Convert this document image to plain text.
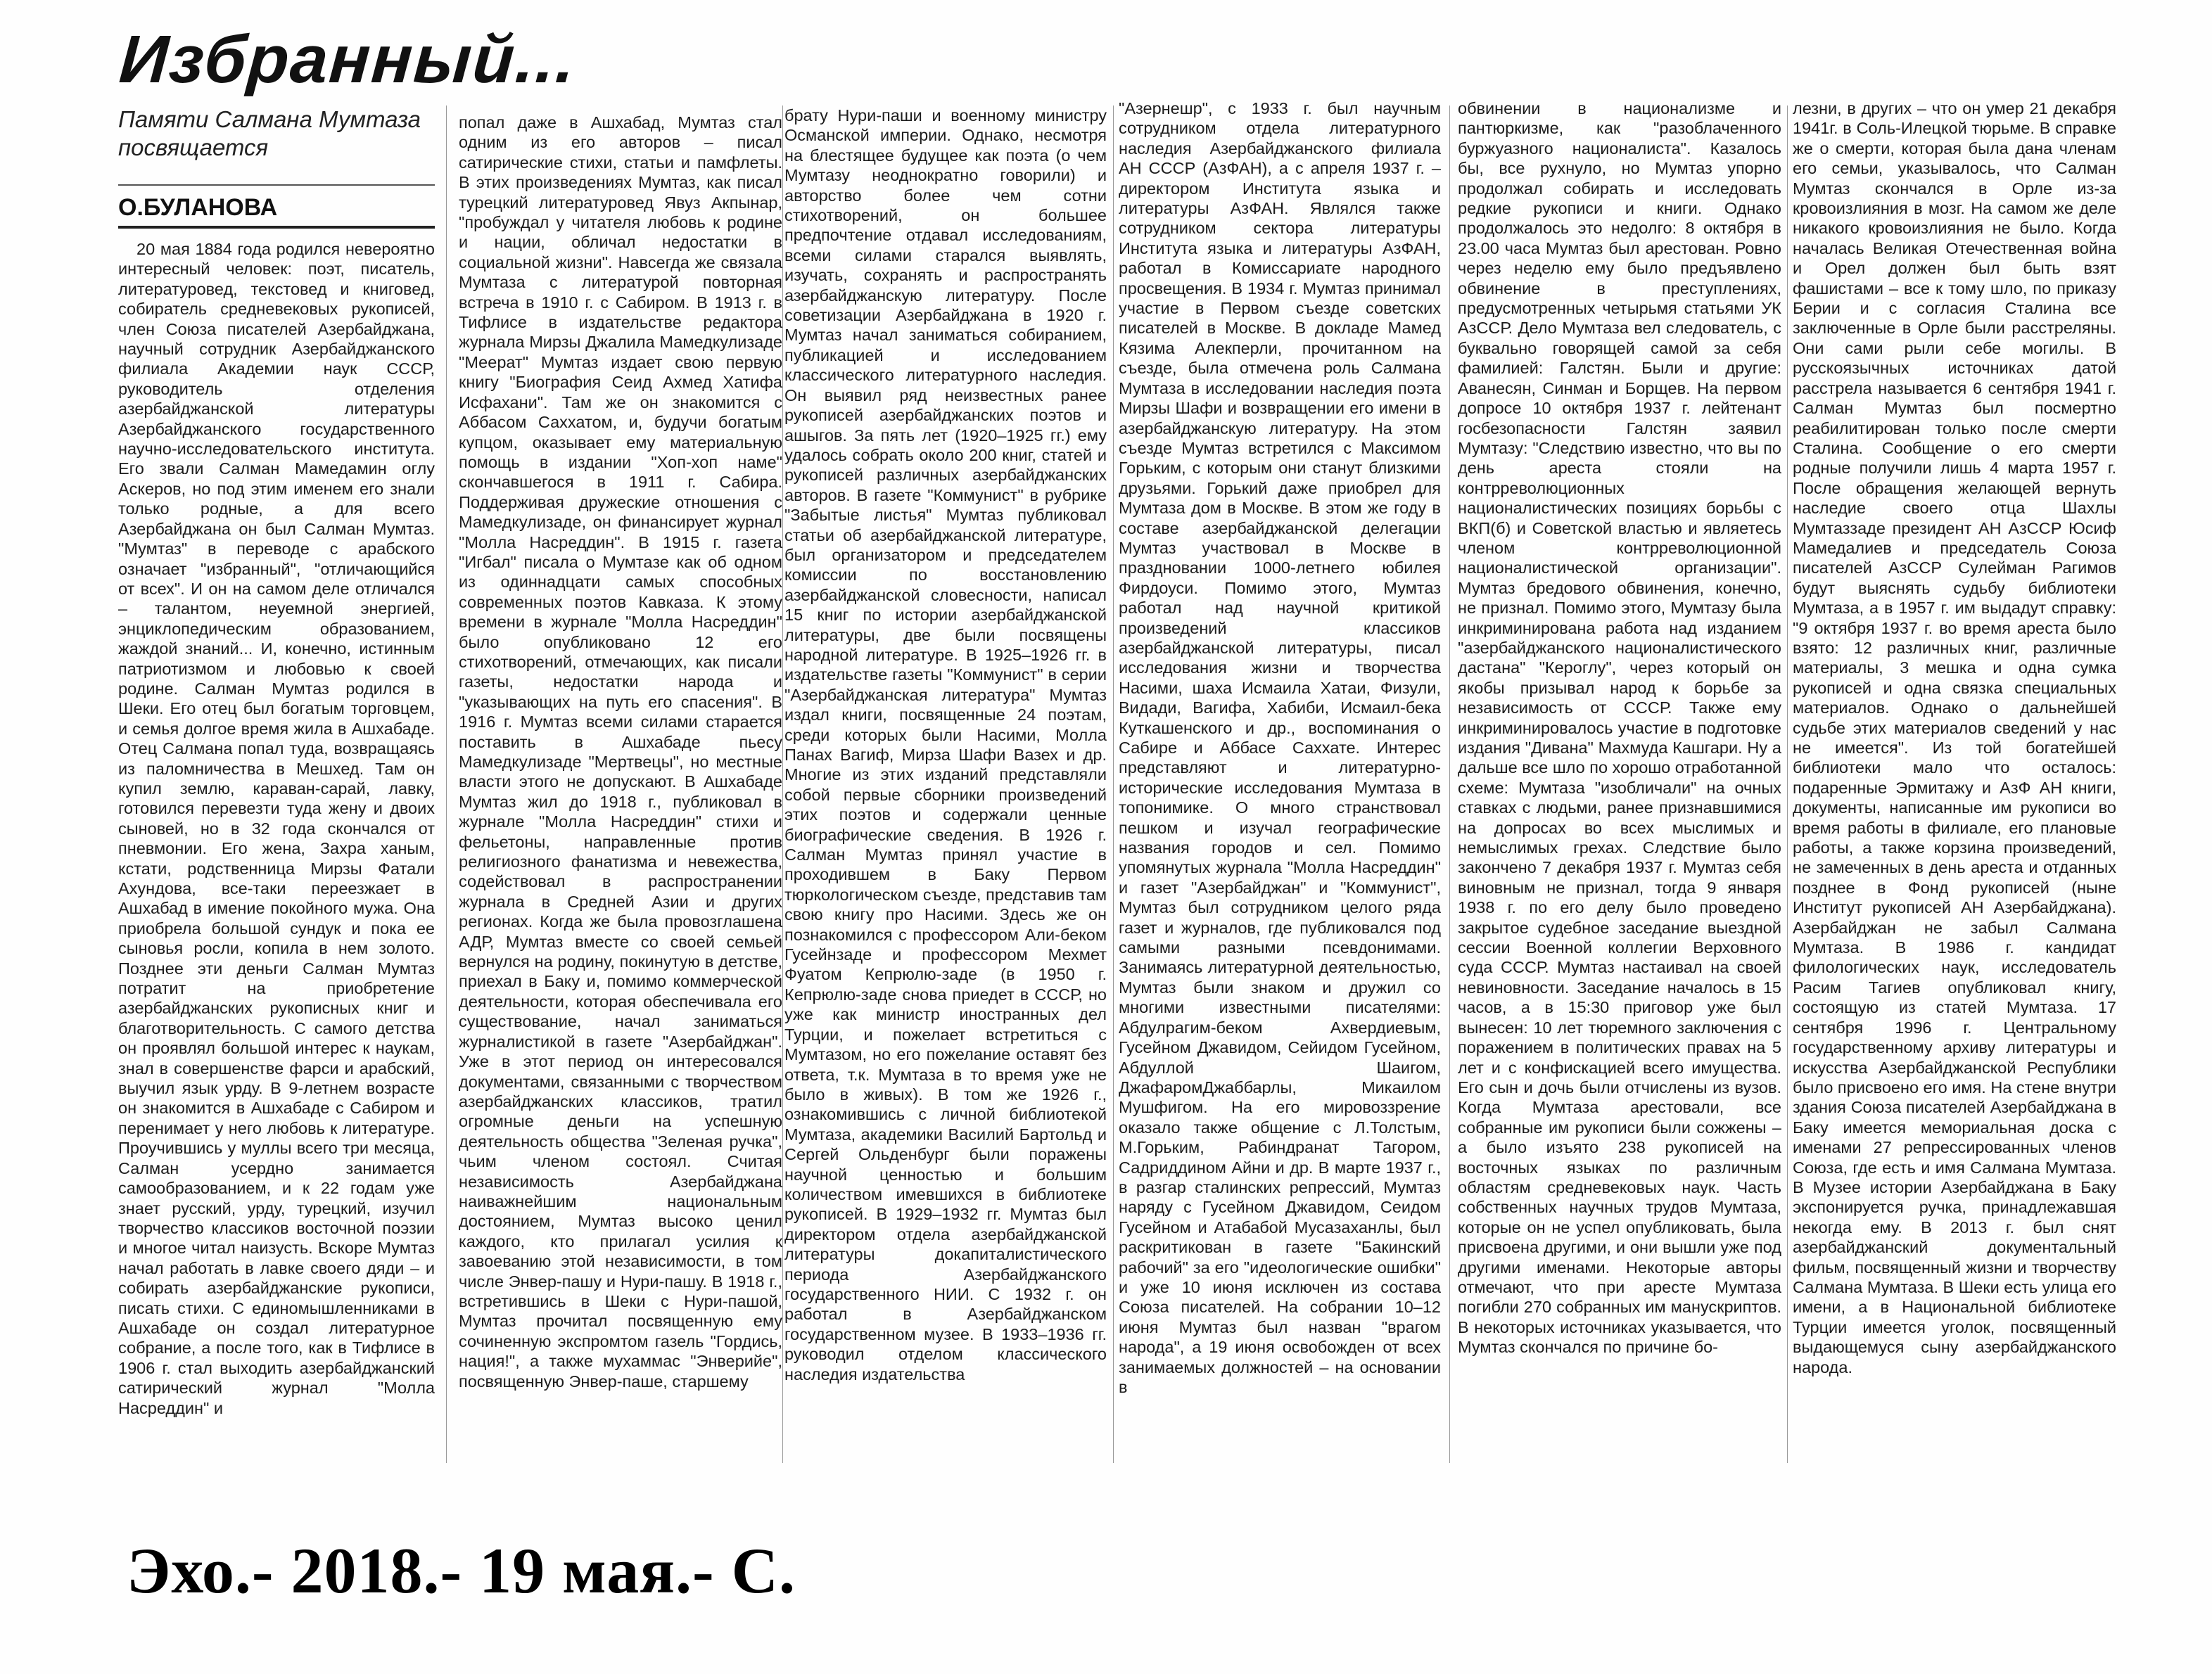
Избранный...
Памяти Салмана Мумтаза посвящается
О.БУЛАНОВА

20 мая 1884 года родился невероятно интересный человек: поэт, писатель, литературовед, текстовед и книговед, собиратель средневековых рукописей, член Союза писателей Азербайджана, научный сотрудник Азербайджанского филиала Академии наук СССР, руководитель отделения азербайджанской литературы Азербайджанского государственного научно-исследовательского института. Его звали Салман Мамедамин оглу Аскеров, но под этим именем его знали только родные, а для всего Азербайджана он был Салман Мумтаз. "Мумтаз" в переводе с арабского означает "избранный", "отличающийся от всех". И он на самом деле отличался – талантом, неуемной энергией, энциклопедическим образованием, жаждой знаний... И, конечно, истинным патриотизмом и любовью к своей родине. Салман Мумтаз родился в Шеки. Его отец был богатым торговцем, и семья долгое время жила в Ашхабаде. Отец Салмана попал туда, возвращаясь из паломничества в Мешхед. Там он купил землю, караван-сарай, лавку, готовился перевезти туда жену и двоих сыновей, но в 32 года скончался от пневмонии. Его жена, Захра ханым, кстати, родственница Мирзы Фатали Ахундова, все-таки переезжает в Ашхабад в имение покойного мужа. Она приобрела большой сундук и пока ее сыновья росли, копила в нем золото. Позднее эти деньги Салман Мумтаз потратит на приобретение азербайджанских рукописных книг и благотворительность. С самого детства он проявлял большой интерес к наукам, знал в совершенстве фарси и арабский, выучил язык урду. В 9-летнем возрасте он знакомится в Ашхабаде с Сабиром и перенимает у него любовь к литературе. Проучившись у муллы всего три месяца, Салман усердно занимается самообразованием, и к 22 годам уже знает русский, урду, турецкий, изучил творчество классиков восточной поэзии и многое читал наизусть. Вскоре Мумтаз начал работать в лавке своего дяди – и собирать азербайджанские рукописи, писать стихи. С единомышленниками в Ашхабаде он создал литературное собрание, а после того, как в Тифлисе в 1906 г. стал выходить азербайджанский сатирический журнал "Молла Насреддин" и

попал даже в Ашхабад, Мумтаз стал одним из его авторов – писал сатирические стихи, статьи и памфлеты. В этих произведениях Мумтаз, как писал турецкий литературовед Явуз Акпынар, "пробуждал у читателя любовь к родине и нации, обличал недостатки в социальной жизни". Навсегда же связала Мумтаза с литературой повторная встреча в 1910 г. с Сабиром. В 1913 г. в Тифлисе в издательстве редактора журнала Мирзы Джалила Мамедкулизаде "Меерат" Мумтаз издает свою первую книгу "Биография Сеид Ахмед Хатифа Исфахани". Там же он знакомится с Аббасом Саххатом, и, будучи богатым купцом, оказывает ему материальную помощь в издании "Хоп-хоп наме" скончавшегося в 1911 г. Сабира. Поддерживая дружеские отношения с Мамедкулизаде, он финансирует журнал "Молла Насреддин". В 1915 г. газета "Игбал" писала о Мумтазе как об одном из одиннадцати самых способных современных поэтов Кавказа. К этому времени в журнале "Молла Насреддин" было опубликовано 12 его стихотворений, отмечающих, как писали газеты, недостатки народа и "указывающих на путь его спасения". В 1916 г. Мумтаз всеми силами старается поставить в Ашхабаде пьесу Мамедкулизаде "Мертвецы", но местные власти этого не допускают. В Ашхабаде Мумтаз жил до 1918 г., публиковал в журнале "Молла Насреддин" стихи и фельетоны, направленные против религиозного фанатизма и невежества, содействовал в распространении журнала в Средней Азии и других регионах. Когда же была провозглашена АДР, Мумтаз вместе со своей семьей вернулся на родину, покинутую в детстве, приехал в Баку и, помимо коммерческой деятельности, которая обеспечивала его существование, начал заниматься журналистикой в газете "Азербайджан". Уже в этот период он интересовался документами, связанными с творчеством азербайджанских классиков, тратил огромные деньги на успешную деятельность общества "Зеленая ручка", чьим членом состоял. Считая независимость Азербайджана наиважнейшим национальным достоянием, Мумтаз высоко ценил каждого, кто прилагал усилия к завоеванию этой независимости, в том числе Энвер-пашу и Нури-пашу. В 1918 г., встретившись в Шеки с Нури-пашой, Мумтаз прочитал посвященную ему сочиненную экспромтом газель "Гордись, нация!", а также мухаммас "Энверийе", посвященную Энвер-паше, старшему

брату Нури-паши и военному министру Османской империи. Однако, несмотря на блестящее будущее как поэта (о чем Мумтазу неоднократно говорили) и авторство более чем сотни стихотворений, он большее предпочтение отдавал исследованиям, всеми силами старался выявлять, изучать, сохранять и распространять азербайджанскую литературу. После советизации Азербайджана в 1920 г. Мумтаз начал заниматься собиранием, публикацией и исследованием классического литературного наследия. Он выявил ряд неизвестных ранее рукописей азербайджанских поэтов и ашыгов. За пять лет (1920–1925 гг.) ему удалось собрать около 200 книг, статей и рукописей различных азербайджанских авторов. В газете "Коммунист" в рубрике "Забытые листья" Мумтаз публиковал статьи об азербайджанской литературе, был организатором и председателем комиссии по восстановлению азербайджанской словесности, написал 15 книг по истории азербайджанской литературы, две были посвящены народной литературе. В 1925–1926 гг. в издательстве газеты "Коммунист" в серии "Азербайджанская литература" Мумтаз издал книги, посвященные 24 поэтам, среди которых были Насими, Молла Панах Вагиф, Мирза Шафи Вазех и др. Многие из этих изданий представляли собой первые сборники произведений этих поэтов и содержали ценные биографические сведения. В 1926 г. Салман Мумтаз принял участие в проходившем в Баку Первом тюркологическом съезде, представив там свою книгу про Насими. Здесь же он познакомился с профессором Али-беком Гусейнзаде и профессором Мехмет Фуатом Кепрюлю-заде (в 1950 г. Кепрюлю-заде снова приедет в СССР, но уже как министр иностранных дел Турции, и пожелает встретиться с Мумтазом, но его пожелание оставят без ответа, т.к. Мумтаза в то время уже не было в живых). В том же 1926 г., ознакомившись с личной библиотекой Мумтаза, академики Василий Бартольд и Сергей Ольденбург были поражены научной ценностью и большим количеством имевшихся в библиотеке рукописей. В 1929–1932 гг. Мумтаз был директором отдела азербайджанской литературы докапиталистического периода Азербайджанского государственного НИИ. С 1932 г. он работал в Азербайджанском государственном музее. В 1933–1936 гг. руководил отделом классического наследия издательства

"Азернешр", с 1933 г. был научным сотрудником отдела литературного наследия Азербайджанского филиала АН СССР (АзФАН), а с апреля 1937 г. – директором Института языка и литературы АзФАН. Являлся также сотрудником сектора литературы Института языка и литературы АзФАН, работал в Комиссариате народного просвещения. В 1934 г. Мумтаз принимал участие в Первом съезде советских писателей в Москве. В докладе Мамед Кязима Алекперли, прочитанном на съезде, была отмечена роль Салмана Мумтаза в исследовании наследия поэта Мирзы Шафи и возвращении его имени в азербайджанскую литературу. На этом съезде Мумтаз встретился с Максимом Горьким, с которым они станут близкими друзьями. Горький даже приобрел для Мумтаза дом в Москве. В этом же году в составе азербайджанской делегации Мумтаз участвовал в Москве в праздновании 1000-летнего юбилея Фирдоуси. Помимо этого, Мумтаз работал над научной критикой произведений классиков азербайджанской литературы, писал исследования жизни и творчества Насими, шаха Исмаила Хатаи, Физули, Видади, Вагифа, Хабиби, Исмаил-бека Куткашенского и др., воспоминания о Сабире и Аббасе Саххате. Интерес представляют и литературно-исторические исследования Мумтаза в топонимике. О много странствовал пешком и изучал географические названия городов и сел. Помимо упомянутых журнала "Молла Насреддин" и газет "Азербайджан" и "Коммунист", Мумтаз был сотрудником целого ряда газет и журналов, где публиковался под самыми разными псевдонимами. Занимаясь литературной деятельностью, Мумтаз были знаком и дружил со многими известными писателями: Абдулрагим-беком Ахвердиевым, Гусейном Джавидом, Сейидом Гусейном, Абдуллой Шаигом, ДжафаромДжаббарлы, Микаилом Мушфигом. На его мировоззрение оказало также общение с Л.Толстым, М.Горьким, Рабиндранат Тагором, Садриддином Айни и др. В марте 1937 г., в разгар сталинских репрессий, Мумтаз наряду с Гусейном Джавидом, Сеидом Гусейном и Атабабой Мусазаханлы, был раскритикован в газете "Бакинский рабочий" за его "идеологические ошибки" и уже 10 июня исключен из состава Союза писателей. На собрании 10–12 июня Мумтаз был назван "врагом народа", а 19 июня освобожден от всех занимаемых должностей – на основании в

обвинении в национализме и пантюркизме, как "разоблаченного буржуазного националиста". Казалось бы, все рухнуло, но Мумтаз упорно продолжал собирать и исследовать редкие рукописи и книги. Однако продолжалось это недолго: 8 октября в 23.00 часа Мумтаз был арестован. Ровно через неделю ему было предъявлено обвинение в преступлениях, предусмотренных четырьмя статьями УК АзССР. Дело Мумтаза вел следователь, с буквально говорящей самой за себя фамилией: Галстян. Были и другие: Аванесян, Синман и Борщев. На первом допросе 10 октября 1937 г. лейтенант госбезопасности Галстян заявил Мумтазу: "Следствию известно, что вы по день ареста стояли на контрреволюционных националистических позициях борьбы с ВКП(б) и Советской властью и являетесь членом контрреволюционной националистической организации". Мумтаз бредового обвинения, конечно, не признал. Помимо этого, Мумтазу была инкриминирована работа над изданием "азербайджанского националистического дастана" "Кероглу", через который он якобы призывал народ к борьбе за независимость от СССР. Также ему инкриминировалось участие в подготовке издания "Дивана" Махмуда Кашгари. Ну а дальше все шло по хорошо отработанной схеме: Мумтаза "изобличали" на очных ставках с людьми, ранее признавшимися на допросах во всех мыслимых и немыслимых грехах. Следствие было закончено 7 декабря 1937 г. Мумтаз себя виновным не признал, тогда 9 января 1938 г. по его делу было проведено закрытое судебное заседание выездной сессии Военной коллегии Верховного суда СССР. Мумтаз настаивал на своей невиновности. Заседание началось в 15 часов, а в 15:30 приговор уже был вынесен: 10 лет тюремного заключения с поражением в политических правах на 5 лет и с конфискацией всего имущества. Его сын и дочь были отчислены из вузов. Когда Мумтаза арестовали, все собранные им рукописи были сожжены – а было изъято 238 рукописей на восточных языках по различным областям средневековых наук. Часть собственных научных трудов Мумтаза, которые он не успел опубликовать, была присвоена другими, и они вышли уже под другими именами. Некоторые авторы отмечают, что при аресте Мумтаза погибли 270 собранных им манускриптов. В некоторых источниках указывается, что Мумтаз скончался по причине бо-

лезни, в других – что он умер 21 декабря 1941г. в Соль-Илецкой тюрьме. В справке же о смерти, которая была дана членам его семьи, указывалось, что Салман Мумтаз скончался в Орле из-за кровоизлияния в мозг. На самом же деле никакого кровоизлияния не было. Когда началась Великая Отечественная война и Орел должен был быть взят фашистами – все к тому шло, по приказу Берии и с согласия Сталина все заключенные в Орле были расстреляны. Они сами рыли себе могилы. В русскоязычных источниках датой расстрела называется 6 сентября 1941 г. Салман Мумтаз был посмертно реабилитирован только после смерти Сталина. Сообщение о его смерти родные получили лишь 4 марта 1957 г. После обращения желающей вернуть наследие своего отца Шахлы Мумтаззаде президент АН АзССР Юсиф Мамедалиев и председатель Союза писателей АзССР Сулейман Рагимов будут выяснять судьбу библиотеки Мумтаза, а в 1957 г. им выдадут справку: "9 октября 1937 г. во время ареста было взято: 12 различных книг, различные материалы, 3 мешка и одна сумка рукописей и одна связка специальных материалов. Однако о дальнейшей судьбе этих материалов сведений у нас не имеется". Из той богатейшей библиотеки мало что осталось: подаренные Эрмитажу и АзФ АН книги, документы, написанные им рукописи во время работы в филиале, его плановые работы, а также корзина произведений, не замеченных в день ареста и отданных позднее в Фонд рукописей (ныне Институт рукописей АН Азербайджана). Азербайджан не забыл Салмана Мумтаза. В 1986 г. кандидат филологических наук, исследователь Расим Тагиев опубликовал книгу, состоящую из статей Мумтаза. 17 сентября 1996 г. Центральному государственному архиву литературы и искусства Азербайджанской Республики было присвоено его имя. На стене внутри здания Союза писателей Азербайджана в Баку имеется мемориальная доска с именами 27 репрессированных членов Союза, где есть и имя Салмана Мумтаза. В Музее истории Азербайджана в Баку экспонируется ручка, принадлежавшая некогда ему. В 2013 г. был снят азербайджанский документальный фильм, посвященный жизни и творчеству Салмана Мумтаза. В Шеки есть улица его имени, а в Национальной библиотеке Турции имеется уголок, посвященный выдающемуся сыну азербайджанского народа.

Эхо.- 2018.- 19 мая.- С.
